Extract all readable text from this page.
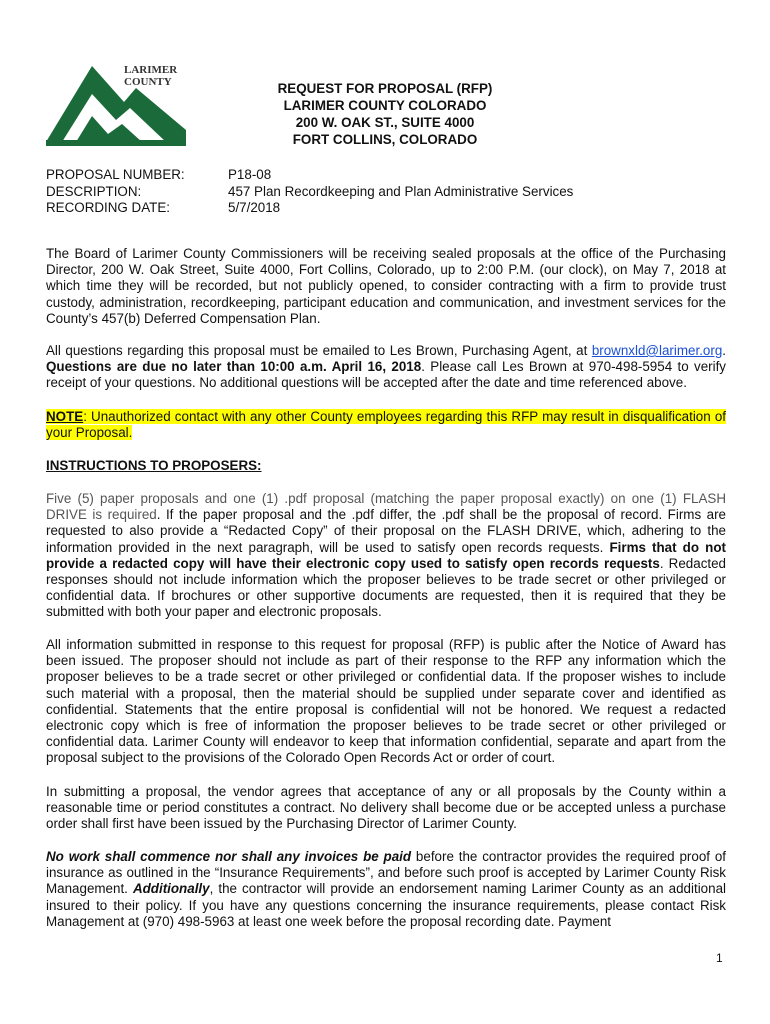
LARIMER
COUNTY	REQUEST FOR PROPOSAL (RFP)
LARIMER COUNTY COLORADO
200 W. OAK ST., SUITE 4000
FORT COLLINS, COLORADO
PROPOSAL NUMBER:	P18-08
DESCRIPTION:	457 Plan Recordkeeping and Plan Administrative Services
RECORDING DATE:	5/7/2018
The Board of Larimer County Commissioners will be receiving sealed proposals at the office of the Purchasing Director, 200 W. Oak Street, Suite 4000, Fort Collins, Colorado, up to 2:00 P.M. (our clock), on May 7, 2018 at which time they will be recorded, but not publicly opened, to consider contracting with a firm to provide trust custody, administration, recordkeeping, participant education and communication, and investment services for the County’s 457(b) Deferred Compensation Plan.
All questions regarding this proposal must be emailed to Les Brown, Purchasing Agent, at brownxld@larimer.org. Questions are due no later than 10:00 a.m. April 16, 2018. Please call Les Brown at 970-498-5954 to verify receipt of your questions. No additional questions will be accepted after the date and time referenced above.
NOTE: Unauthorized contact with any other County employees regarding this RFP may result in disqualification of your Proposal.
INSTRUCTIONS TO PROPOSERS:
Five (5) paper proposals and one (1) .pdf proposal (matching the paper proposal exactly) on one (1) FLASH DRIVE is required. If the paper proposal and the .pdf differ, the .pdf shall be the proposal of record. Firms are requested to also provide a “Redacted Copy” of their proposal on the FLASH DRIVE, which, adhering to the information provided in the next paragraph, will be used to satisfy open records requests. Firms that do not provide a redacted copy will have their electronic copy used to satisfy open records requests. Redacted responses should not include information which the proposer believes to be trade secret or other privileged or confidential data. If brochures or other supportive documents are requested, then it is required that they be submitted with both your paper and electronic proposals.
All information submitted in response to this request for proposal (RFP) is public after the Notice of Award has been issued. The proposer should not include as part of their response to the RFP any information which the proposer believes to be a trade secret or other privileged or confidential data. If the proposer wishes to include such material with a proposal, then the material should be supplied under separate cover and identified as confidential. Statements that the entire proposal is confidential will not be honored. We request a redacted electronic copy which is free of information the proposer believes to be trade secret or other privileged or confidential data. Larimer County will endeavor to keep that information confidential, separate and apart from the proposal subject to the provisions of the Colorado Open Records Act or order of court.
In submitting a proposal, the vendor agrees that acceptance of any or all proposals by the County within a reasonable time or period constitutes a contract. No delivery shall become due or be accepted unless a purchase order shall first have been issued by the Purchasing Director of Larimer County.
No work shall commence nor shall any invoices be paid before the contractor provides the required proof of insurance as outlined in the “Insurance Requirements”, and before such proof is accepted by Larimer County Risk Management. Additionally, the contractor will provide an endorsement naming Larimer County as an additional insured to their policy. If you have any questions concerning the insurance requirements, please contact Risk Management at (970) 498-5963 at least one week before the proposal recording date. Payment
1
